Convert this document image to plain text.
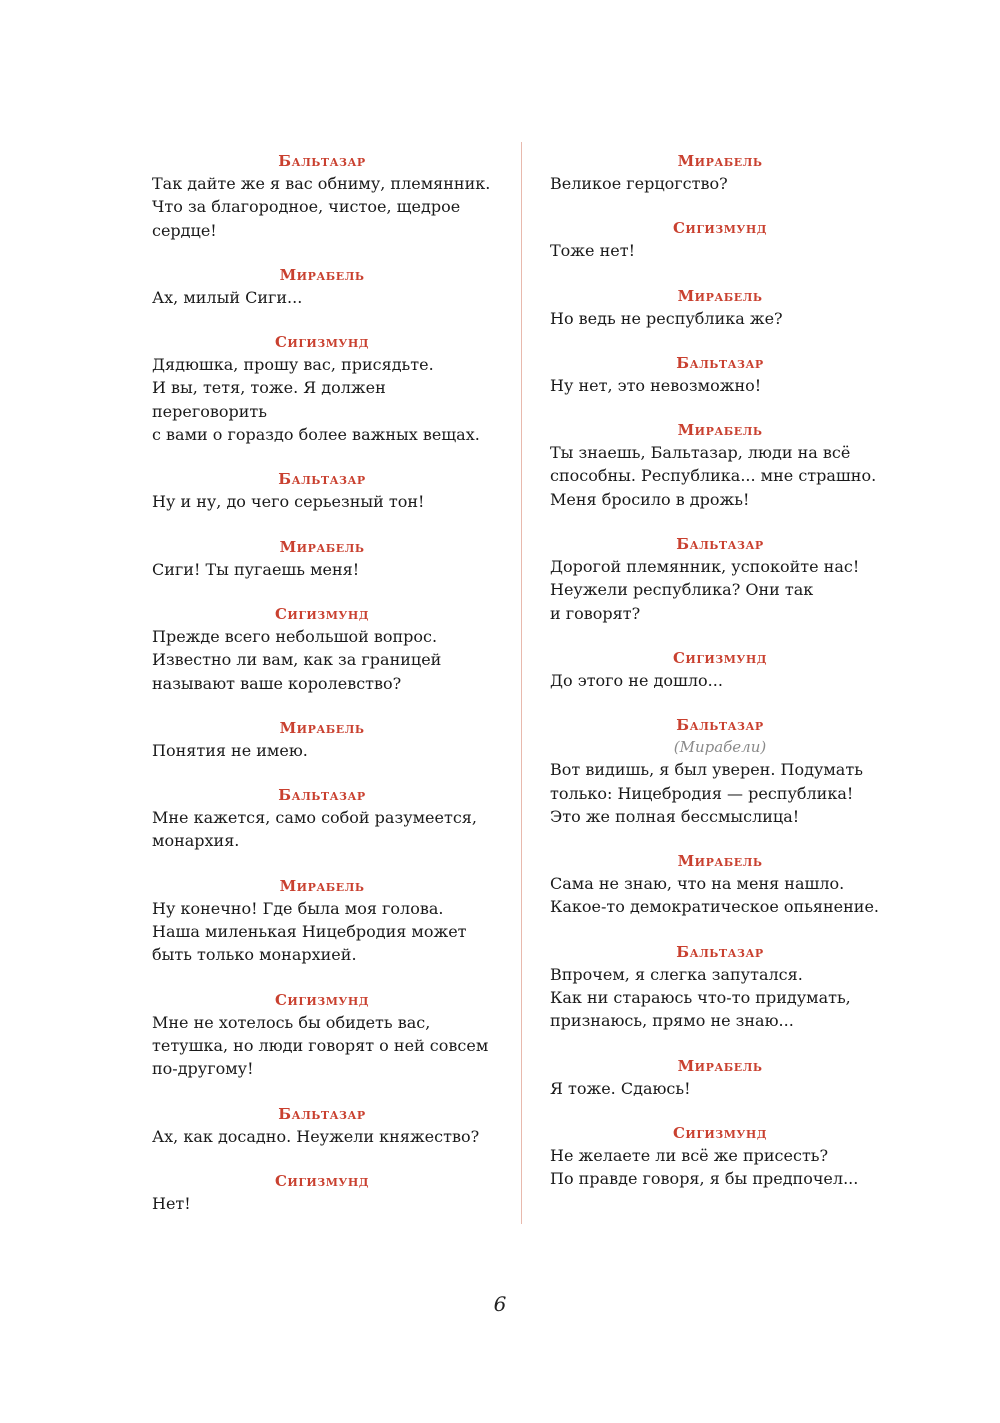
Бальтазар
Так дайте же я вас обниму, племянник.
Что за благородное, чистое, щедрое
сердце!
Мирабель
Ах, милый Сиги...
Сигизмунд
Дядюшка, прошу вас, присядьте.
И вы, тетя, тоже. Я должен переговорить
с вами о гораздо более важных вещах.
Бальтазар
Ну и ну, до чего серьезный тон!
Мирабель
Сиги! Ты пугаешь меня!
Сигизмунд
Прежде всего небольшой вопрос.
Известно ли вам, как за границей
называют ваше королевство?
Мирабель
Понятия не имею.
Бальтазар
Мне кажется, само собой разумеется,
монархия.
Мирабель
Ну конечно! Где была моя голова.
Наша миленькая Ницебродия может
быть только монархией.
Сигизмунд
Мне не хотелось бы обидеть вас,
тетушка, но люди говорят о ней совсем
по-другому!
Бальтазар
Ах, как досадно. Неужели княжество?
Сигизмунд
Нет!
Мирабель
Великое герцогство?
Сигизмунд
Тоже нет!
Мирабель
Но ведь не республика же?
Бальтазар
Ну нет, это невозможно!
Мирабель
Ты знаешь, Бальтазар, люди на всё
способны. Республика... мне страшно.
Меня бросило в дрожь!
Бальтазар
Дорогой племянник, успокойте нас!
Неужели республика? Они так
и говорят?
Сигизмунд
До этого не дошло...
Бальтазар
(Мирабели)
Вот видишь, я был уверен. Подумать
только: Ницебродия — республика!
Это же полная бессмыслица!
Мирабель
Сама не знаю, что на меня нашло.
Какое-то демократическое опьянение.
Бальтазар
Впрочем, я слегка запутался.
Как ни стараюсь что-то придумать,
признаюсь, прямо не знаю...
Мирабель
Я тоже. Сдаюсь!
Сигизмунд
Не желаете ли всё же присесть?
По правде говоря, я бы предпочел...
6
